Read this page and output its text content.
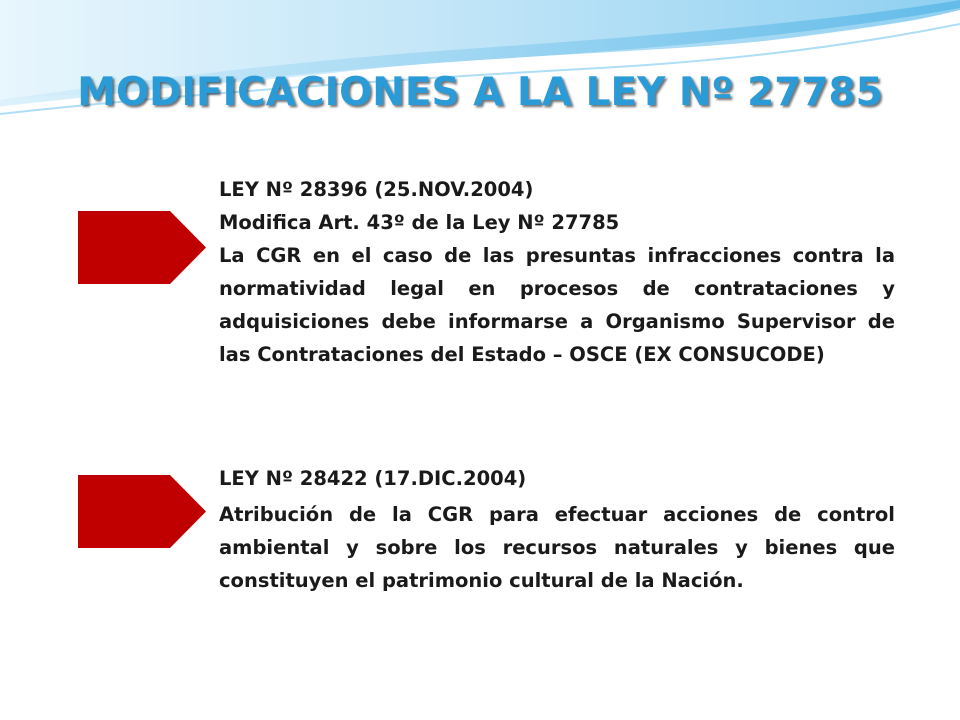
MODIFICACIONES A LA LEY Nº 27785
LEY Nº 28396 (25.NOV.2004)
Modifica Art. 43º de la Ley Nº 27785
La CGR en el caso de las presuntas infracciones contra la normatividad legal en procesos de contrataciones y adquisiciones debe informarse a Organismo Supervisor de las Contrataciones del Estado – OSCE (EX CONSUCODE)
LEY Nº 28422 (17.DIC.2004)
Atribución de la CGR para efectuar acciones de control ambiental y sobre los recursos naturales y bienes que constituyen el patrimonio cultural de la Nación.
